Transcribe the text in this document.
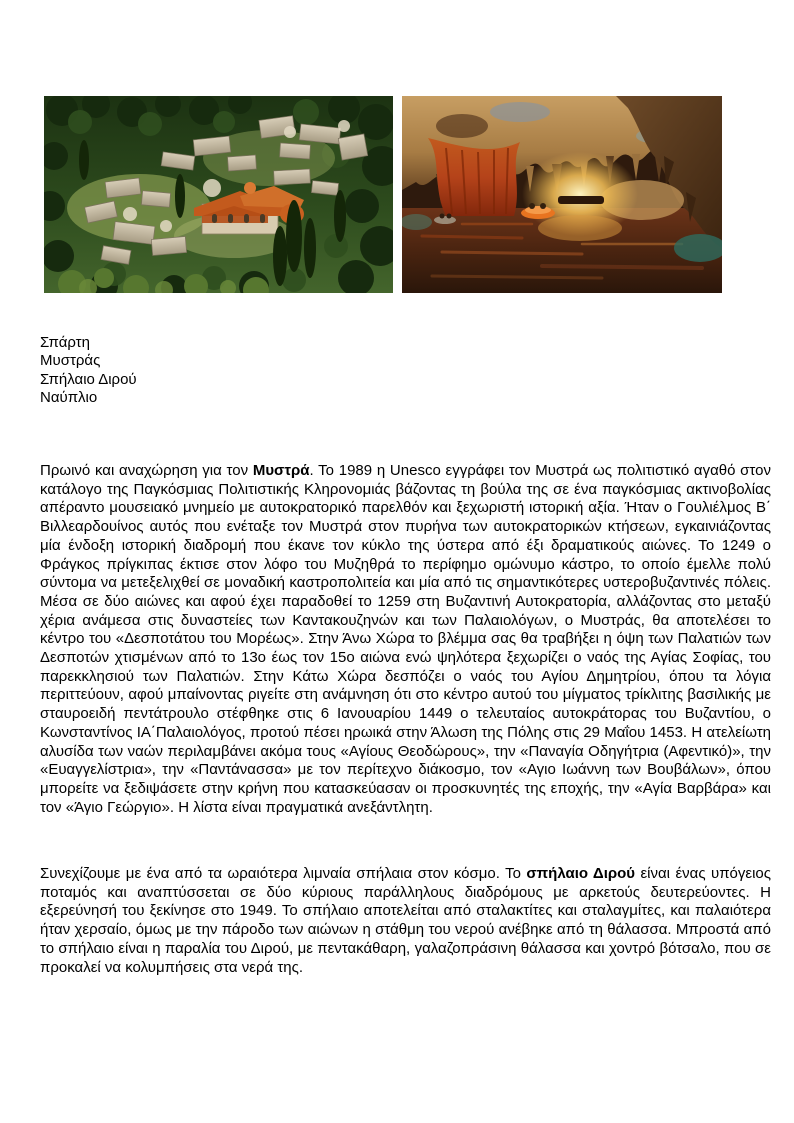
Σπάρτη
Μυστράς
Σπήλαιο Διρού
Ναύπλιο

Πρωινό και αναχώρηση για τον Μυστρά. Το 1989 η Unesco εγγράφει τον Μυστρά ως πολιτιστικό αγαθό στον κατάλογο της Παγκόσμιας Πολιτιστικής Κληρονομιάς βάζοντας τη βούλα της σε ένα παγκόσμιας ακτινοβολίας απέραντο μουσειακό μνημείο με αυτοκρατορικό παρελθόν και ξεχωριστή ιστορική αξία. Ήταν ο Γουλιέλμος Β΄ Βιλλεαρδουίνος αυτός που ενέταξε τον Μυστρά στον πυρήνα των αυτοκρατορικών κτήσεων, εγκαινιάζοντας μία ένδοξη ιστορική διαδρομή που έκανε τον κύκλο της ύστερα από έξι δραματικούς αιώνες. Το 1249 ο Φράγκος πρίγκιπας έκτισε στον λόφο του Μυζηθρά το περίφημο ομώνυμο κάστρο, το οποίο έμελλε πολύ σύντομα να μετεξελιχθεί σε μοναδική καστροπολιτεία και μία από τις σημαντικότερες υστεροβυζαντινές πόλεις. Μέσα σε δύο αιώνες και αφού έχει παραδοθεί το 1259 στη Βυζαντινή Αυτοκρατορία, αλλάζοντας στο μεταξύ χέρια ανάμεσα στις δυναστείες των Καντακουζηνών και των Παλαιολόγων, ο Μυστράς, θα αποτελέσει το κέντρο του «Δεσποτάτου του Μορέως». Στην Άνω Χώρα το βλέμμα σας θα τραβήξει η όψη των Παλατιών των Δεσποτών χτισμένων από το 13ο έως τον 15ο αιώνα ενώ ψηλότερα ξεχωρίζει ο ναός της Αγίας Σοφίας, του παρεκκλησιού των Παλατιών. Στην Κάτω Χώρα δεσπόζει ο ναός του Αγίου Δημητρίου, όπου τα λόγια περιττεύουν, αφού μπαίνοντας ριγείτε στη ανάμνηση ότι στο κέντρο αυτού του μίγματος τρίκλιτης βασιλικής με σταυροειδή πεντάτρουλο στέφθηκε στις 6 Ιανουαρίου 1449 ο τελευταίος αυτοκράτορας του Βυζαντίου, ο Κωνσταντίνος ΙΑ΄Παλαιολόγος, προτού πέσει ηρωικά στην Άλωση της Πόλης στις 29 Μαΐου 1453. Η ατελείωτη αλυσίδα των ναών περιλαμβάνει ακόμα τους «Αγίους Θεοδώρους», την «Παναγία Οδηγήτρια (Αφεντικό)», την «Ευαγγελίστρια», την «Παντάνασσα» με τον περίτεχνο διάκοσμο, τον «Αγιο Ιωάννη των Βουβάλων», όπου μπορείτε να ξεδιψάσετε στην κρήνη που κατασκεύασαν οι προσκυνητές της εποχής, την «Αγία Βαρβάρα» και τον «Άγιο Γεώργιο». Η λίστα είναι πραγματικά ανεξάντλητη.

Συνεχίζουμε με ένα από τα ωραιότερα λιμναία σπήλαια στον κόσμο. Το σπήλαιο Διρού είναι ένας υπόγειος ποταμός και αναπτύσσεται σε δύο κύριους παράλληλους διαδρόμους με αρκετούς δευτερεύοντες. Η εξερεύνησή του ξεκίνησε στο 1949. Το σπήλαιο αποτελείται από σταλακτίτες και σταλαγμίτες, και παλαιότερα ήταν χερσαίο, όμως με την πάροδο των αιώνων η στάθμη του νερού ανέβηκε από τη θάλασσα. Μπροστά από το σπήλαιο είναι η παραλία του Διρού, με πεντακάθαρη, γαλαζοπράσινη θάλασσα και χοντρό βότσαλο, που σε προκαλεί να κολυμπήσεις στα νερά της.
